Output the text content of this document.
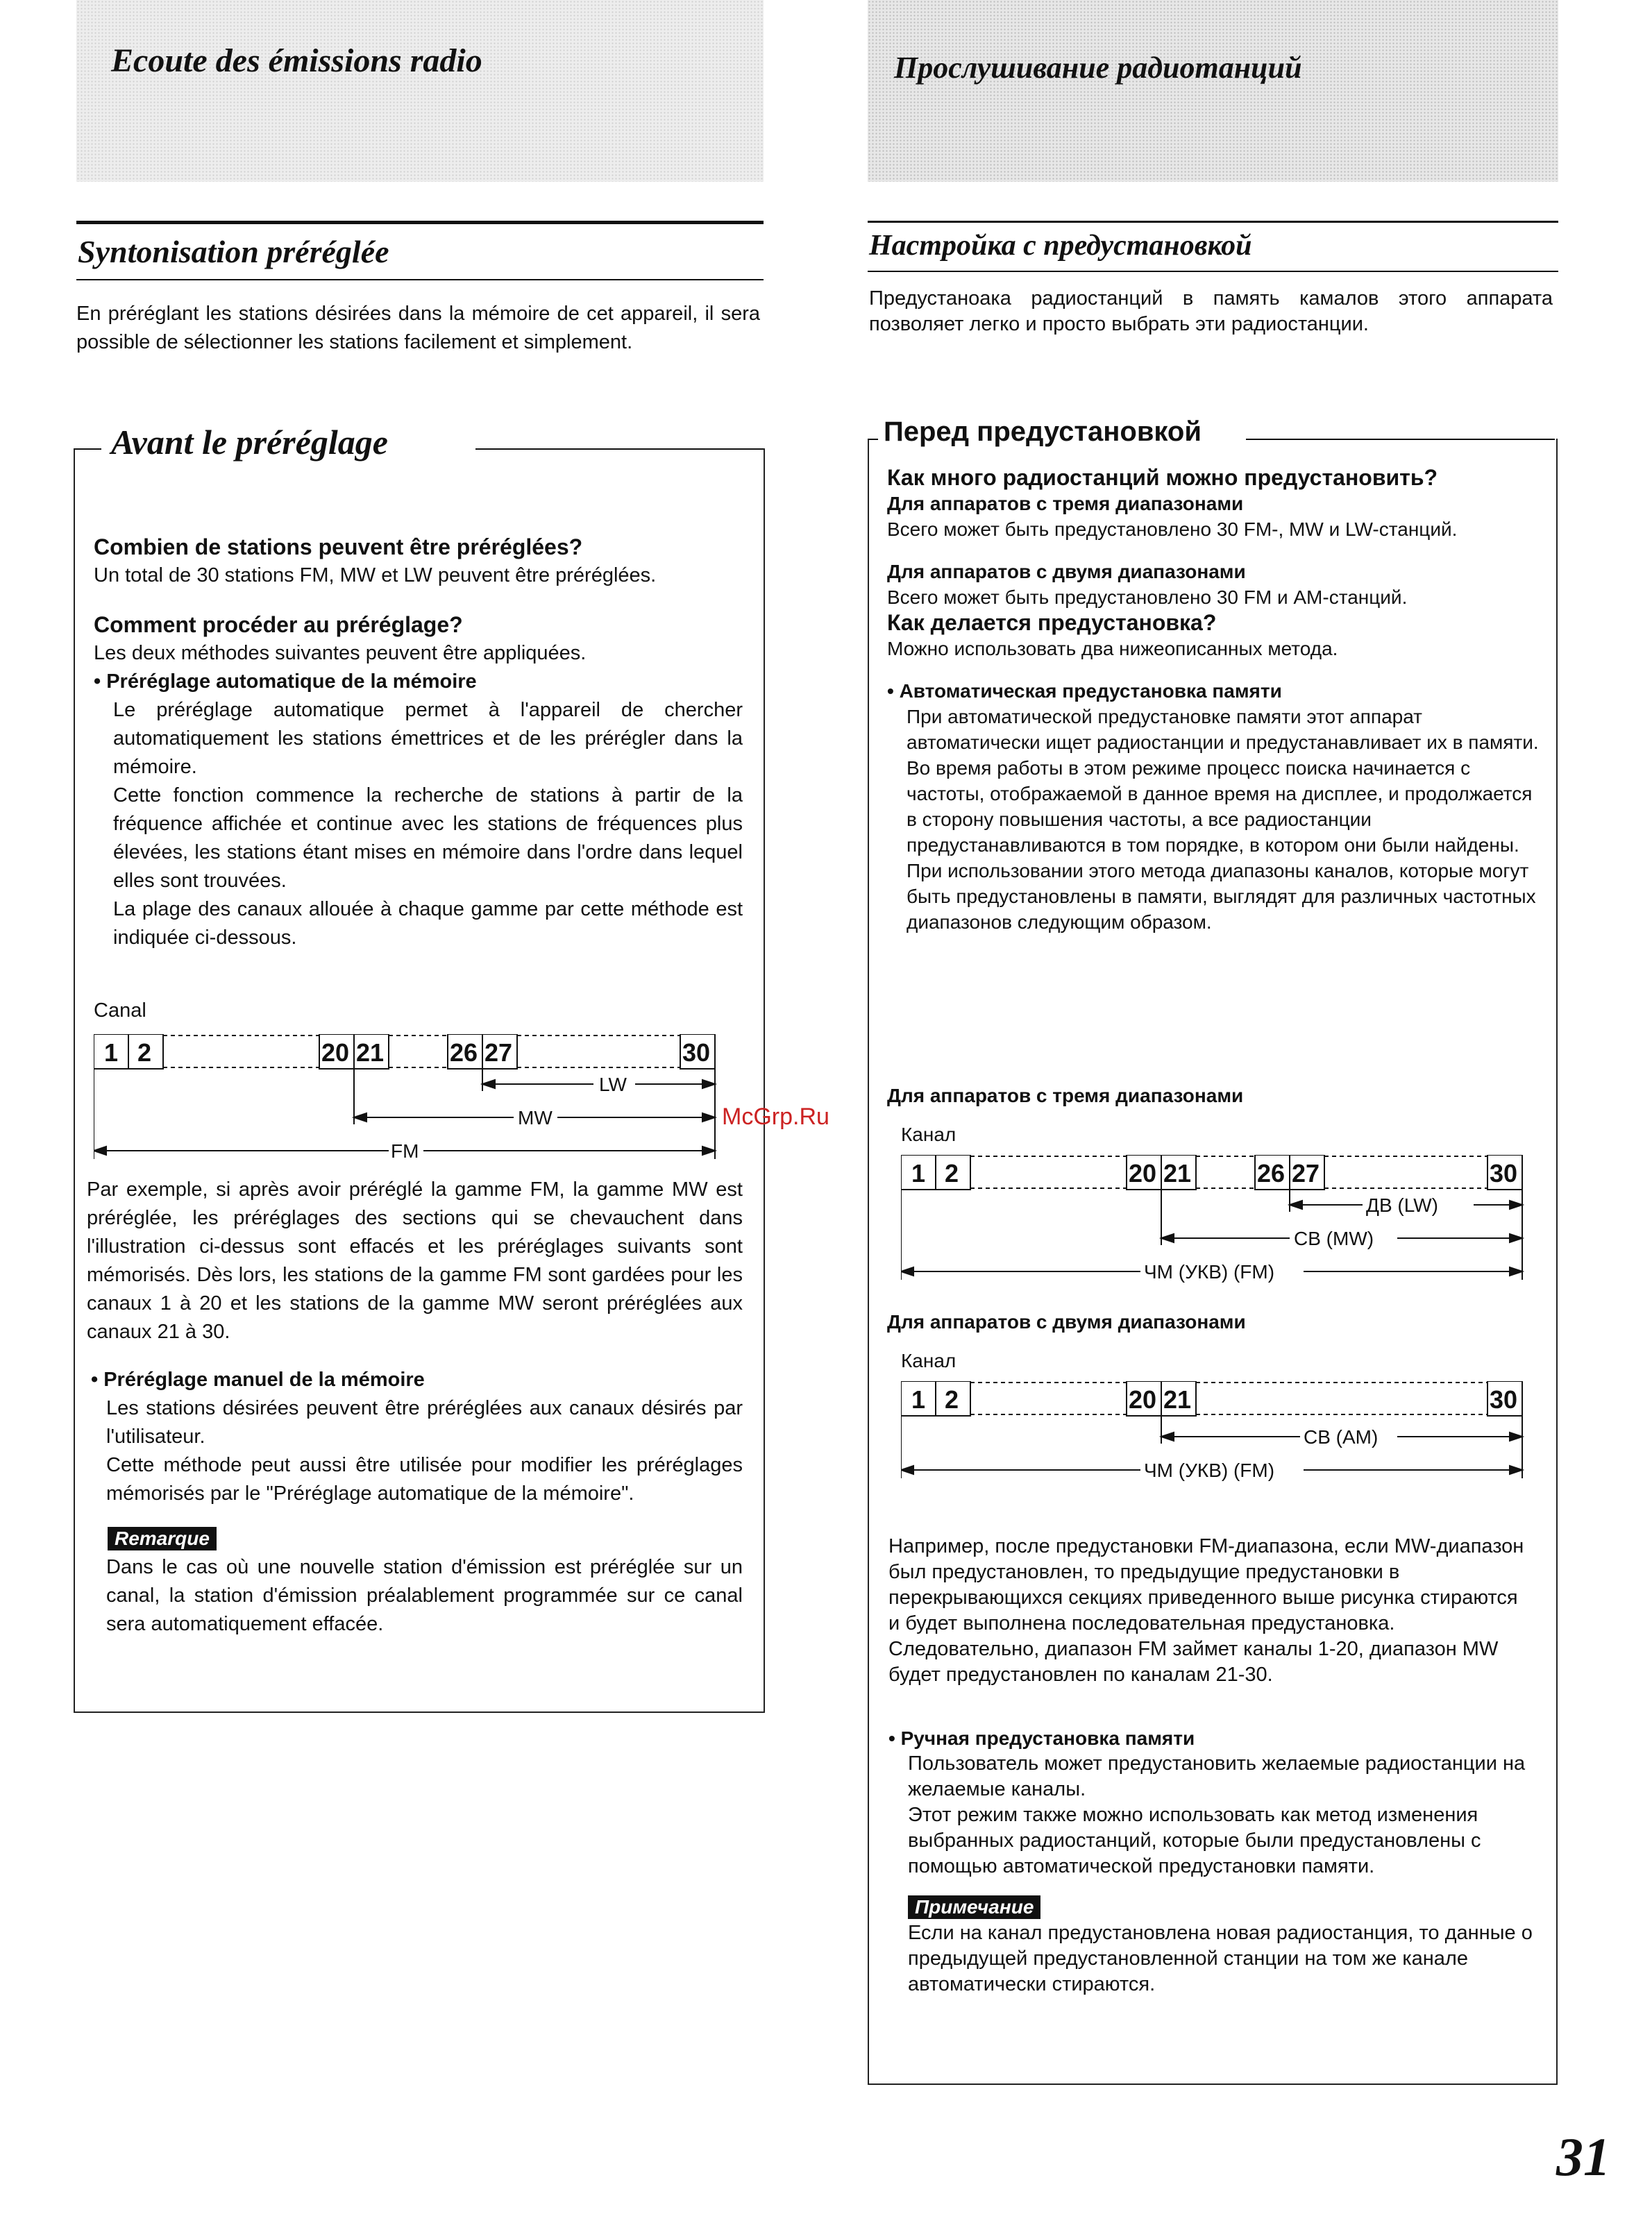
Ecoute des émissions radio	Прослушивание радиотанций
Syntonisation préréglée

En préréglant les stations désirées dans la mémoire de cet appareil, il sera possible de sélectionner les stations facilement et simplement.

Avant le préréglage

Combien de stations peuvent être préréglées?

Un total de 30 stations FM, MW et LW peuvent être préréglées.

Comment procéder au préréglage?

Les deux méthodes suivantes peuvent être appliquées.

• Préréglage automatique de la mémoire

Le préréglage automatique permet à l'appareil de chercher automatiquement les stations émettrices et de les prérégler dans la mémoire.

Cette fonction commence la recherche de stations à partir de la fréquence affichée et continue avec les stations de fréquences plus élevées, les stations étant mises en mémoire dans l'ordre dans lequel elles sont trouvées.

La plage des canaux allouée à chaque gamme par cette méthode est indiquée ci-dessous.

Canal

1 2	20 21	26 27	30
LW
MW
FM

Par exemple, si après avoir préréglé la gamme FM, la gamme MW est préréglée, les préréglages des sections qui se chevauchent dans l'illustration ci-dessus sont effacés et les préréglages suivants sont mémorisés. Dès lors, les stations de la gamme FM sont gardées pour les canaux 1 à 20 et les stations de la gamme MW seront préréglées aux canaux 21 à 30.

• Préréglage manuel de la mémoire

Les stations désirées peuvent être préréglées aux canaux désirés par l'utilisateur.

Cette méthode peut aussi être utilisée pour modifier les préréglages mémorisés par le "Préréglage automatique de la mémoire".

Remarque

Dans le cas où une nouvelle station d'émission est préréglée sur un canal, la station d'émission préalablement programmée sur ce canal sera automatiquement effacée.

Настройка с предустановкой

Предустаноака радиостанций в память камалов этого аппарата позволяет легко и просто выбрать эти радиостанции.

Перед предустановкой

Как много радиостанций можно предустановить?

Для аппаратов с тремя диапазонами

Всего может быть предустановлено 30 FM-, MW и LW-станций.

Для аппаратов с двумя диапазонами

Всего может быть предустановлено 30 FM и АМ-станций.

Как делается предустановка?

Можно использовать два нижеописанных метода.

• Автоматическая предустановка памяти

При автоматической предустановке памяти этот аппарат автоматически ищет радиостанции и предустанавливает их в памяти.

Во время работы в этом режиме процесс поиска начинается с частоты, отображаемой в данное время на дисплее, и продолжается в сторону повышения частоты, а все радиостанции предустанавливаются в том порядке, в котором они были найдены.

При использовании этого метода диапазоны каналов, которые могут быть предустановлены в памяти, выглядят для различных частотных диапазонов следующим образом.

Для аппаратов с тремя диапазонами

Канал

1 2	20 21	26 27	30
ДВ (LW)
СВ (MW)
ЧМ (УКВ) (FM)

Для аппаратов с двумя диапазонами

Канал

1 2	20 21	30
СВ (AM)
ЧМ (УКВ) (FM)

Например, после предустановки FM-диапазона, если MW-диапазон был предустановлен, то предыдущие предустановки в перекрывающихся секциях приведенного выше рисунка стираются и будет выполнена последовательная предустановка. Следовательно, диапазон FM займет каналы 1-20, диапазон MW будет предустановлен по каналам 21-30.

• Ручная предустановка памяти

Пользователь может предустановить желаемые радиостанции на желаемые каналы.

Этот режим также можно использовать как метод изменения выбранных радиостанций, которые были предустановлены с помощью автоматической предустановки памяти.

Примечание

Если на канал предустановлена новая радиостанция, то данные о предыдущей предустановленной станции на том же канале автоматически стираются.

McGrp.Ru
31
